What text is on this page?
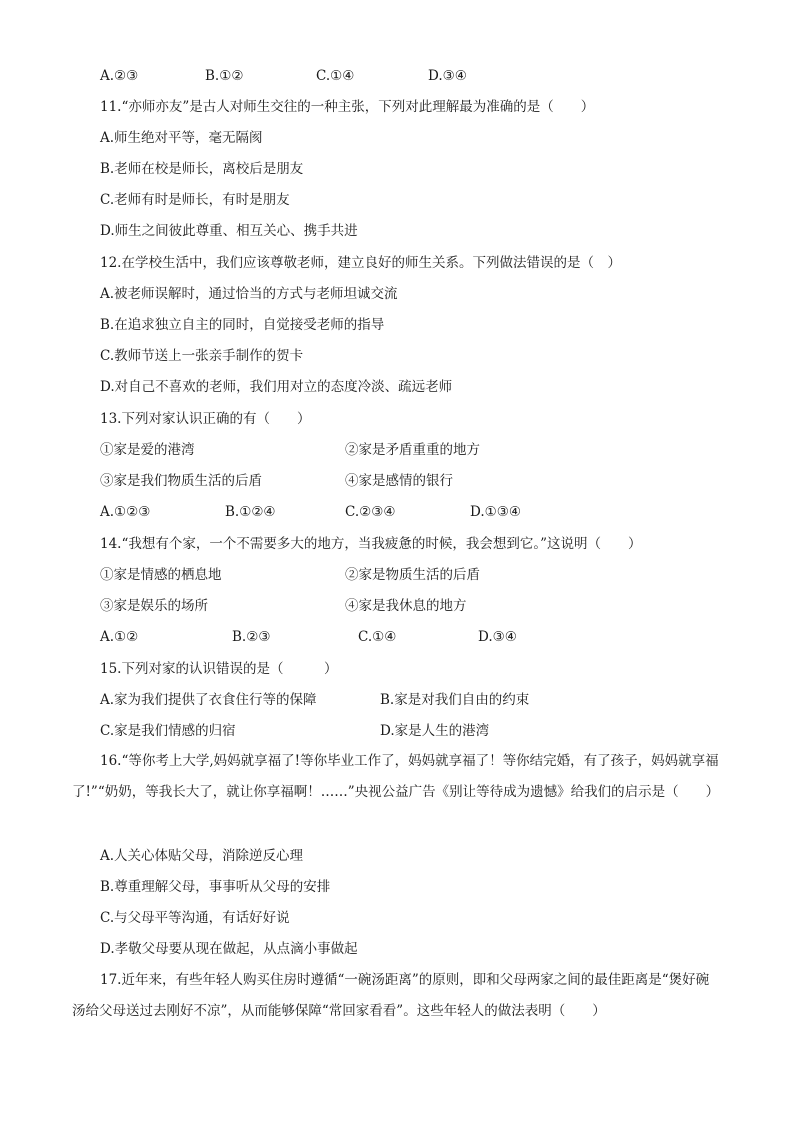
A.②③	B.①②	C.①④	D.③④
11.“亦师亦友”是古人对师生交往的一种主张，下列对此理解最为准确的是（　　）
A.师生绝对平等，毫无隔阂
B.老师在校是师长，离校后是朋友
C.老师有时是师长，有时是朋友
D.师生之间彼此尊重、相互关心、携手共进
12.在学校生活中，我们应该尊敬老师，建立良好的师生关系。下列做法错误的是（　）
A.被老师误解时，通过恰当的方式与老师坦诚交流
B.在追求独立自主的同时，自觉接受老师的指导
C.教师节送上一张亲手制作的贺卡
D.对自己不喜欢的老师，我们用对立的态度冷淡、疏远老师
13.下列对家认识正确的有（　　）
①家是爱的港湾	②家是矛盾重重的地方
③家是我们物质生活的后盾	④家是感情的银行
A.①②③	B.①②④	C.②③④	D.①③④
14.“我想有个家，一个不需要多大的地方，当我疲惫的时候，我会想到它。”这说明（　　）
①家是情感的栖息地	②家是物质生活的后盾
③家是娱乐的场所	④家是我休息的地方
A.①②	B.②③	C.①④	D.③④
15.下列对家的认识错误的是（　　　）
A.家为我们提供了衣食住行等的保障	B.家是对我们自由的约束
C.家是我们情感的归宿	D.家是人生的港湾
16.“等你考上大学,妈妈就享福了!等你毕业工作了，妈妈就享福了！等你结完婚，有了孩子，妈妈就享福了!”“奶奶，等我长大了，就让你享福啊！……”央视公益广告《别让等待成为遗憾》给我们的启示是（　　）
A.人关心体贴父母，消除逆反心理
B.尊重理解父母，事事听从父母的安排
C.与父母平等沟通，有话好好说
D.孝敬父母要从现在做起，从点滴小事做起
17.近年来，有些年轻人购买住房时遵循“一碗汤距离”的原则，即和父母两家之间的最佳距离是“煲好碗汤给父母送过去刚好不凉”，从而能够保障“常回家看看”。这些年轻人的做法表明（　　）
